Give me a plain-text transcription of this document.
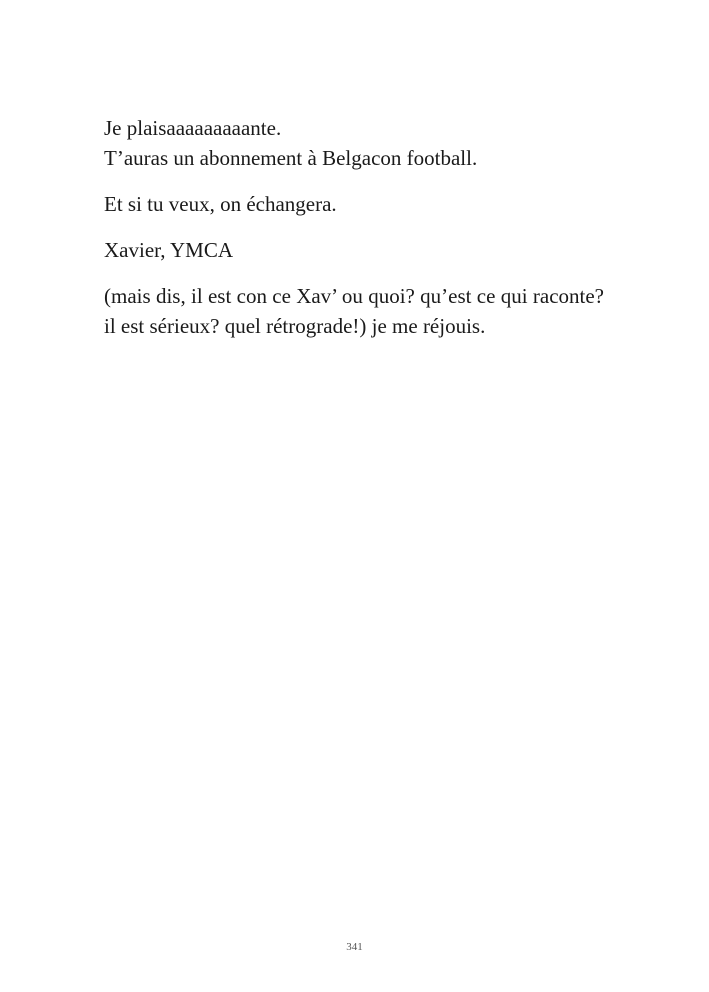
Je plaisaaaaaaaaante.
T’auras un abonnement à Belgacon football.

Et si tu veux, on échangera.

Xavier, YMCA

(mais dis, il est con ce Xav’ ou quoi? qu’est ce qui raconte? il est sérieux? quel rétrograde!) je me réjouis.

341
